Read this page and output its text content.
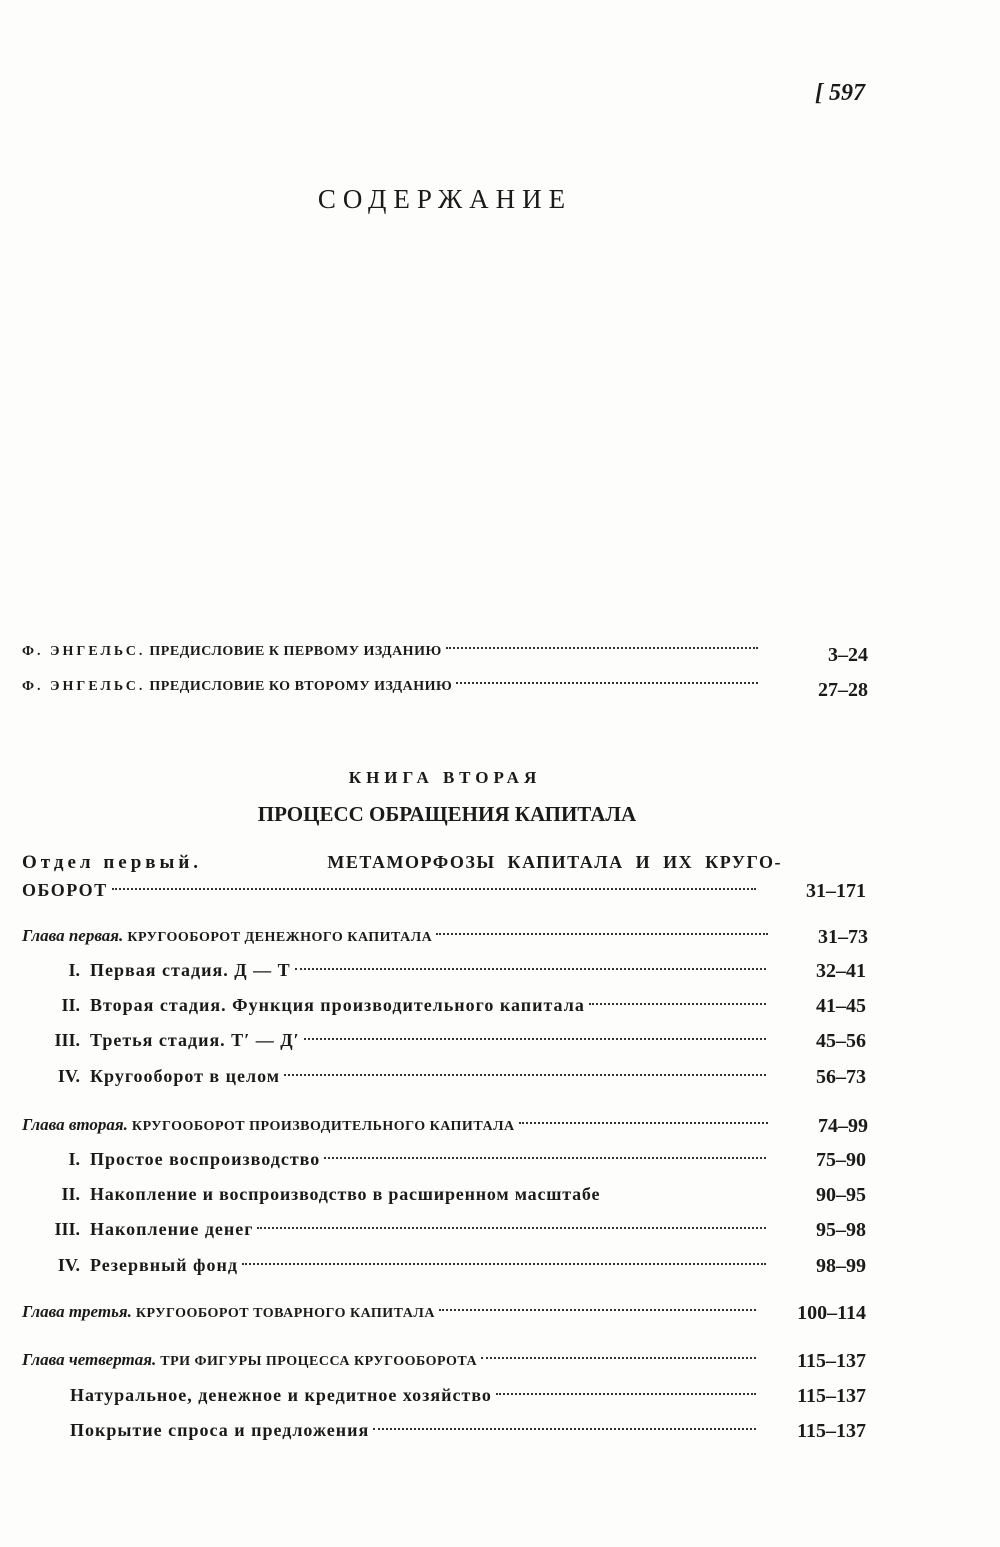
[ 597
СОДЕРЖАНИЕ
Ф. ЭНГЕЛЬС. ПРЕДИСЛОВИЕ К ПЕРВОМУ ИЗДАНИЮ	3–24
Ф. ЭНГЕЛЬС. ПРЕДИСЛОВИЕ КО ВТОРОМУ ИЗДАНИЮ	27–28
КНИГА ВТОРАЯ
ПРОЦЕСС ОБРАЩЕНИЯ КАПИТАЛА
Отдел первый.	МЕТАМОРФОЗЫ КАПИТАЛА И ИХ КРУГО-
ОБОРОТ	31–171
Глава первая. КРУГООБОРОТ ДЕНЕЖНОГО КАПИТАЛА	31–73
I. Первая стадия. Д — Т	32–41
II. Вторая стадия. Функция производительного капитала	41–45
III. Третья стадия. Т′ — Д′	45–56
IV. Кругооборот в целом	56–73
Глава вторая. КРУГООБОРОТ ПРОИЗВОДИТЕЛЬНОГО КАПИТАЛА	74–99
I. Простое воспроизводство	75–90
II. Накопление и воспроизводство в расширенном масштабе	90–95
III. Накопление денег	95–98
IV. Резервный фонд	98–99
Глава третья. КРУГООБОРОТ ТОВАРНОГО КАПИТАЛА	100–114
Глава четвертая. ТРИ ФИГУРЫ ПРОЦЕССА КРУГООБОРОТА	115–137
Натуральное, денежное и кредитное хозяйство	115–137
Покрытие спроса и предложения	115–137
